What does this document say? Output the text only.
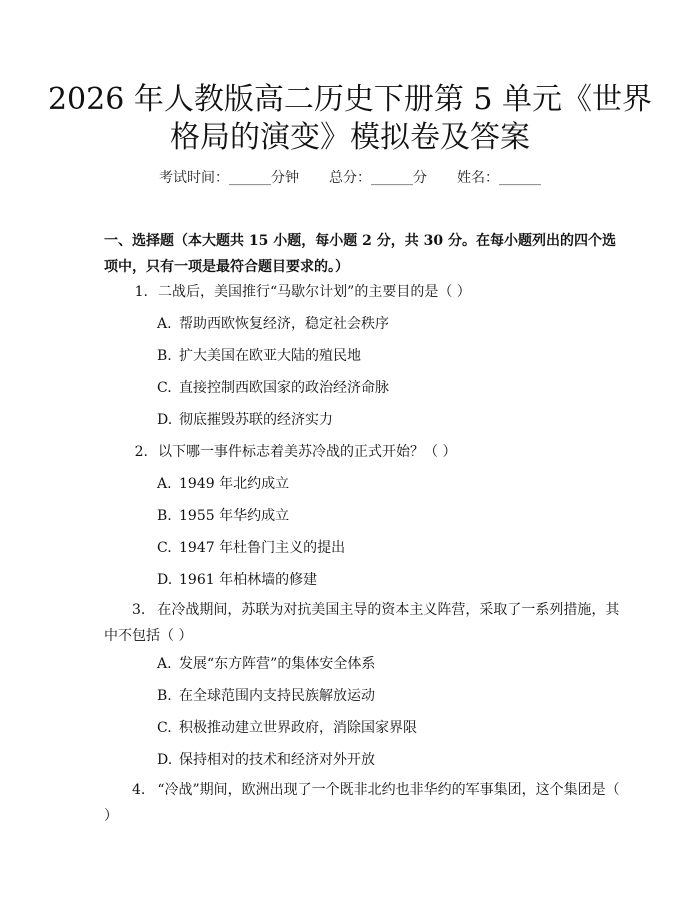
2026 年人教版高二历史下册第 5 单元《世界
格局的演变》模拟卷及答案
考试时间：______分钟 总分：______分 姓名：______
一、选择题（本大题共 15 小题，每小题 2 分，共 30 分。在每小题列出的四个选项中，只有一项是最符合题目要求的。）
1. 二战后，美国推行“马歇尔计划”的主要目的是（ ）
A. 帮助西欧恢复经济，稳定社会秩序
B. 扩大美国在欧亚大陆的殖民地
C. 直接控制西欧国家的政治经济命脉
D. 彻底摧毁苏联的经济实力
2. 以下哪一事件标志着美苏冷战的正式开始？（ ）
A. 1949 年北约成立
B. 1955 年华约成立
C. 1947 年杜鲁门主义的提出
D. 1961 年柏林墙的修建
3. 在冷战期间，苏联为对抗美国主导的资本主义阵营，采取了一系列措施，其中不包括（ ）
A. 发展“东方阵营”的集体安全体系
B. 在全球范围内支持民族解放运动
C. 积极推动建立世界政府，消除国家界限
D. 保持相对的技术和经济对外开放
4. “冷战”期间，欧洲出现了一个既非北约也非华约的军事集团，这个集团是（ ）
